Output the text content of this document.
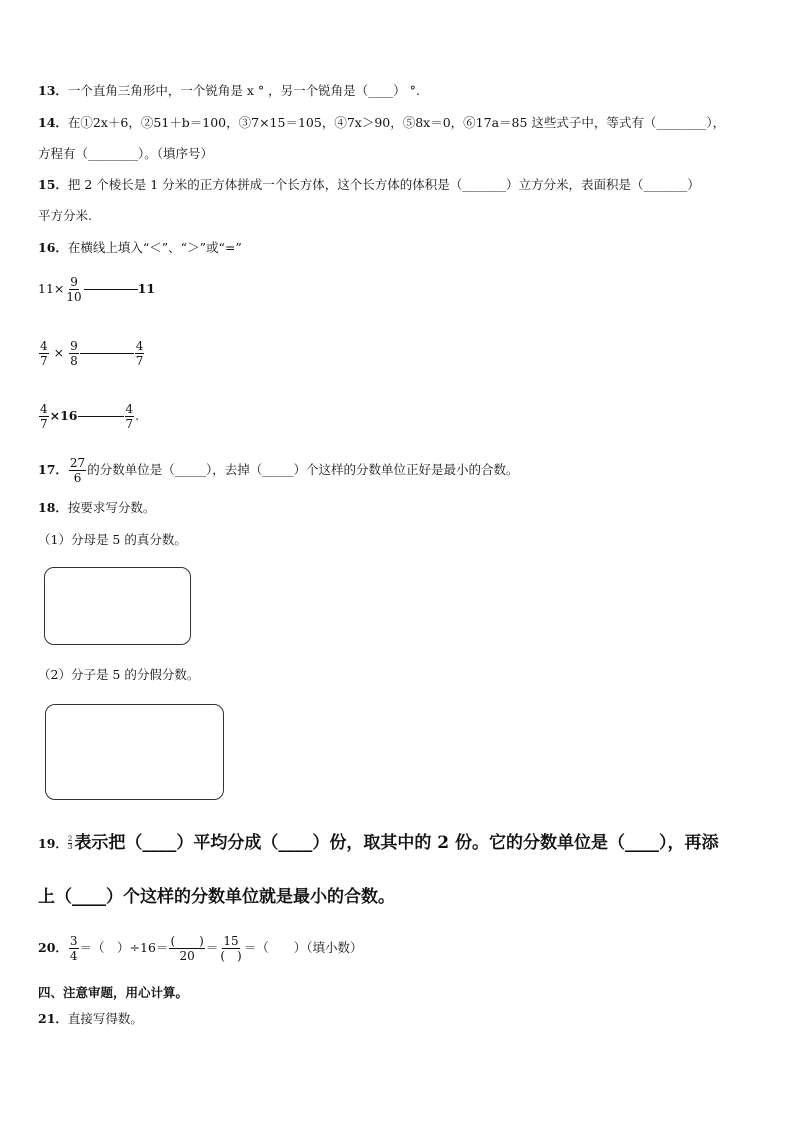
13．一个直角三角形中，一个锐角是 x ° ，另一个锐角是（____） °.
14．在①2x＋6，②51＋b＝100，③7×15＝105，④7x＞90，⑤8x＝0，⑥17a＝85 这些式子中，等式有（________），
方程有（________）。（填序号）
15．把 2 个棱长是 1 分米的正方体拼成一个长方体，这个长方体的体积是（_______）立方分米，表面积是（_______）
平方分米.
16．在横线上填入“＜”、“＞”或“=”
$11\times \frac{9}{10}$	11
$\frac{4}{7} \times \frac{9}{8}$	$\frac{4}{7}$
$\frac{4}{7} \times 16$	$\frac{4}{7}$ .
17． $\frac{27}{6}$ 的分数单位是（_____），去掉（_____）个这样的分数单位正好是最小的合数。
18．按要求写分数。
（1）分母是 5 的真分数。
（2）分子是 5 的分假分数。
19． $\frac{2}{3}$ 表示把（____）平均分成（____）份，取其中的 2 份。它的分数单位是（____），再添
上（____）个这样的分数单位就是最小的合数。
20． $\frac{3}{4}$ ＝（　）$\div 16= \frac{( )}{20} = \frac{15}{( )}$ ＝（　　）（填小数）
四、注意审题，用心计算。
21．直接写得数。
